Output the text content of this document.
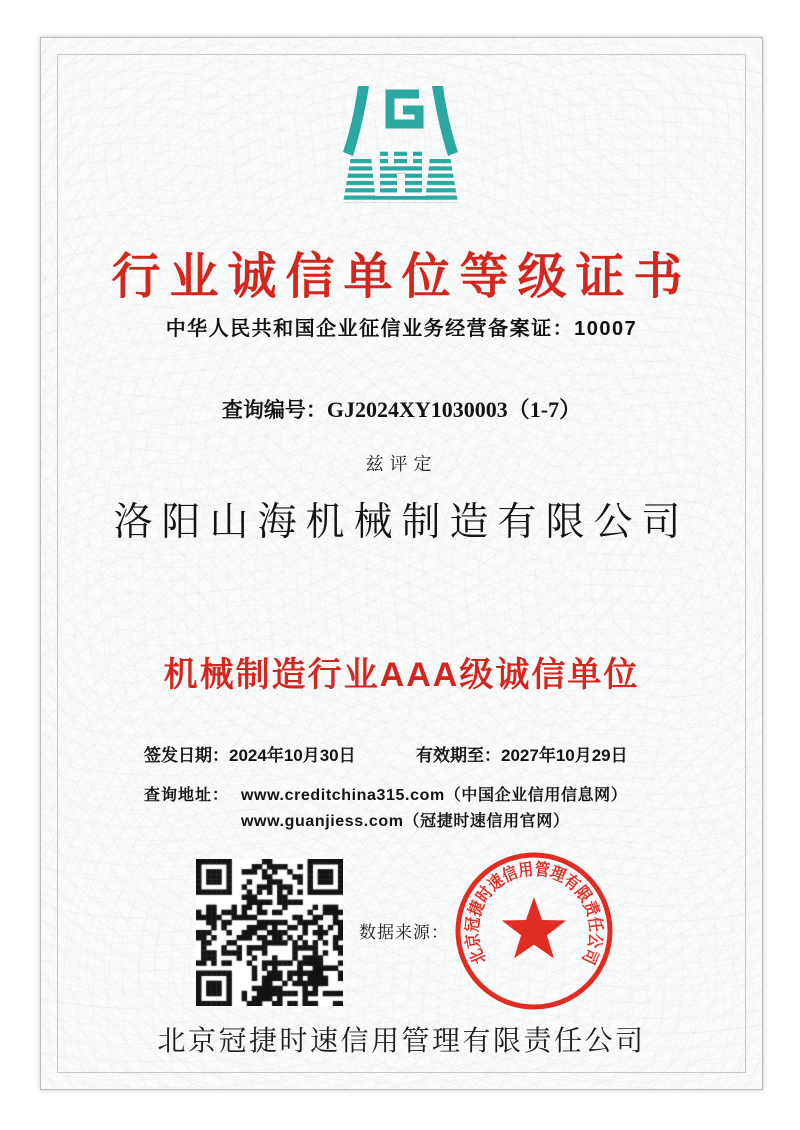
行业诚信单位等级证书
中华人民共和国企业征信业务经营备案证：10007
查询编号：GJ2024XY1030003（1-7）
兹评定
洛阳山海机械制造有限公司
机械制造行业AAA级诚信单位
签发日期：2024年10月30日	有效期至：2027年10月29日
查询地址： www.creditchina315.com（中国企业信用信息网）
www.guanjiess.com（冠捷时速信用官网）
数据来源：
北京冠捷时速信用管理有限责任公司
北京冠捷时速信用管理有限责任公司
